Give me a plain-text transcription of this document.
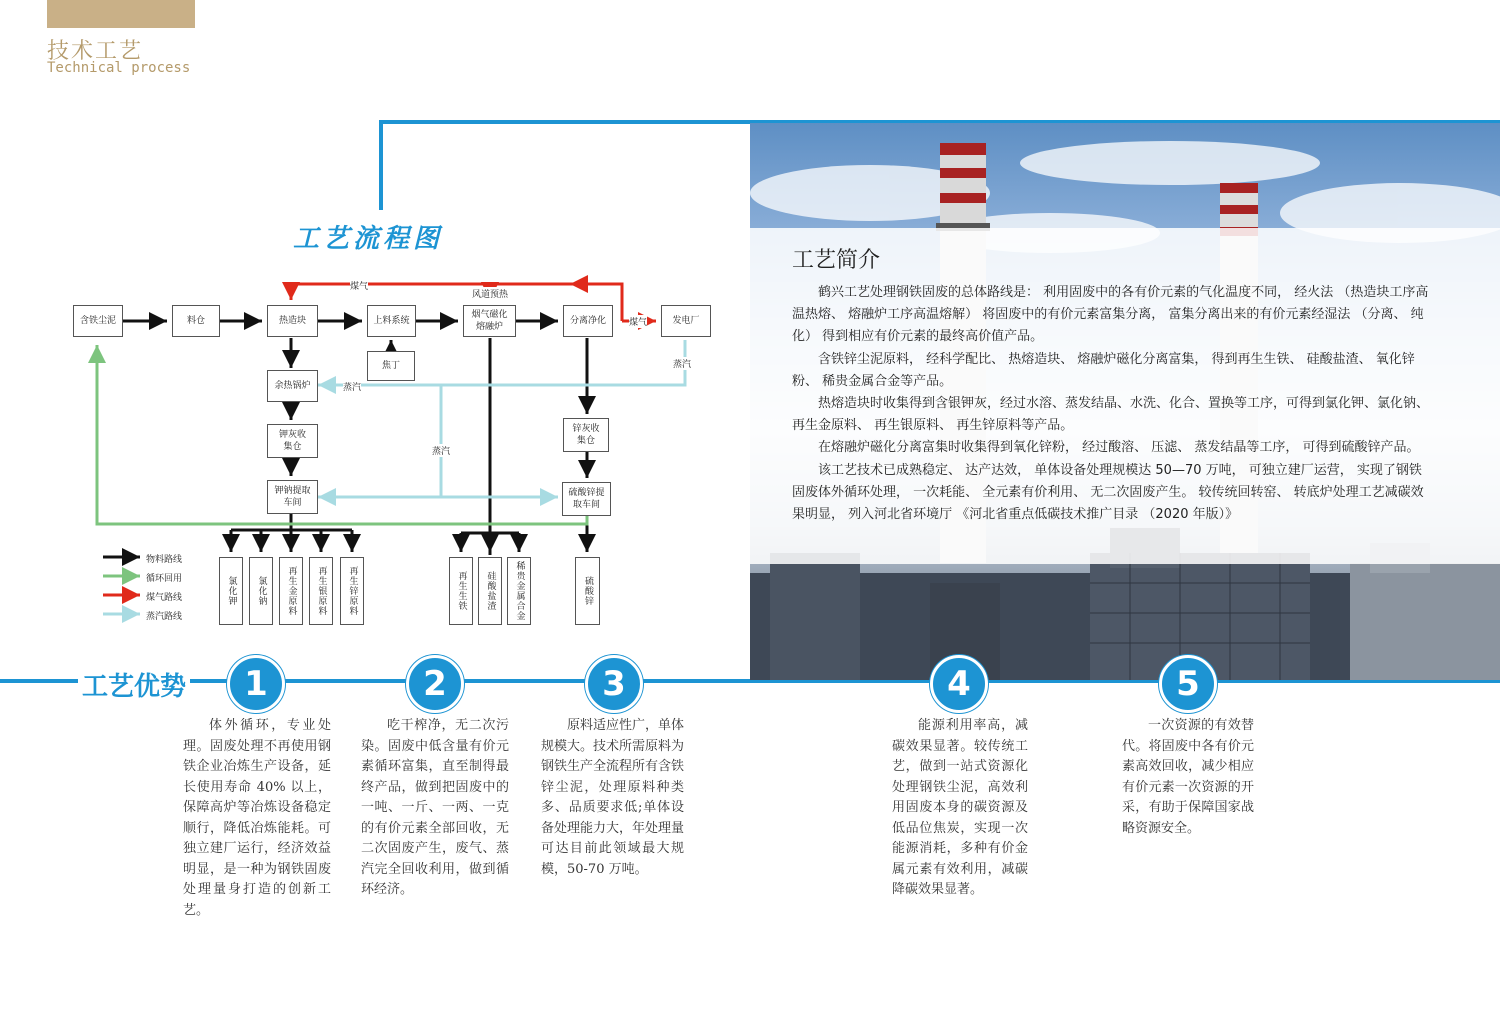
技术工艺
Technical process
工艺简介

鹤兴工艺处理钢铁固废的总体路线是： 利用固废中的各有价元素的气化温度不同， 经火法 （热造块工序高温热熔、 熔融炉工序高温熔解） 将固废中的有价元素富集分离， 富集分离出来的有价元素经湿法 （分离、 纯化） 得到相应有价元素的最终高价值产品。

含铁锌尘泥原料， 经科学配比、 热熔造块、 熔融炉磁化分离富集， 得到再生生铁、 硅酸盐渣、 氧化锌粉、 稀贵金属合金等产品。

热熔造块时收集得到含银钾灰，经过水溶、蒸发结晶、水洗、化合、置换等工序，可得到氯化钾、氯化钠、 再生金原料、 再生银原料、 再生锌原料等产品。

在熔融炉磁化分离富集时收集得到氧化锌粉， 经过酸溶、 压滤、 蒸发结晶等工序， 可得到硫酸锌产品。

该工艺技术已成熟稳定、 达产达效， 单体设备处理规模达 50—70 万吨， 可独立建厂运营， 实现了钢铁固废体外循环处理， 一次耗能、 全元素有价利用、 无二次固废产生。 较传统回转窑、 转底炉处理工艺减碳效果明显， 列入河北省环境厅 《河北省重点低碳技术推广目录 （2020 年版）》

工艺流程图
含铁尘泥	料仓	热造块	上料系统
烟气磁化熔融炉
分离净化	发电厂
焦丁
余热锅炉
钾灰收集仓
锌灰收集仓
钾钠提取车间
硫酸锌提取车间
氯化钾	氯化钠	再生金原料	再生银原料	再生锌原料	再生生铁	硅酸盐渣	稀贵金属合金	硫酸锌
煤气
风道预热
煤气
蒸汽
蒸汽
蒸汽
物料路线
循环回用
煤气路线
蒸汽路线
工艺优势	1	2	3	4	5
体外循环，专业处理。固废处理不再使用钢铁企业冶炼生产设备，延长使用寿命 40% 以上，保障高炉等冶炼设备稳定顺行，降低冶炼能耗。可独立建厂运行，经济效益明显，是一种为钢铁固废处理量身打造的创新工艺。
吃干榨净，无二次污染。固废中低含量有价元素循环富集，直至制得最终产品，做到把固废中的一吨、一斤、一两、一克的有价元素全部回收，无二次固废产生，废气、蒸汽完全回收利用，做到循环经济。
原料适应性广，单体规模大。技术所需原料为钢铁生产全流程所有含铁锌尘泥，处理原料种类多、品质要求低;单体设备处理能力大，年处理量可达目前此领域最大规模，50-70 万吨。
能源利用率高，减碳效果显著。较传统工艺，做到一站式资源化处理钢铁尘泥，高效利用固废本身的碳资源及低品位焦炭，实现一次能源消耗，多种有价金属元素有效利用，减碳降碳效果显著。
一次资源的有效替代。将固废中各有价元素高效回收，减少相应有价元素一次资源的开采，有助于保障国家战略资源安全。
